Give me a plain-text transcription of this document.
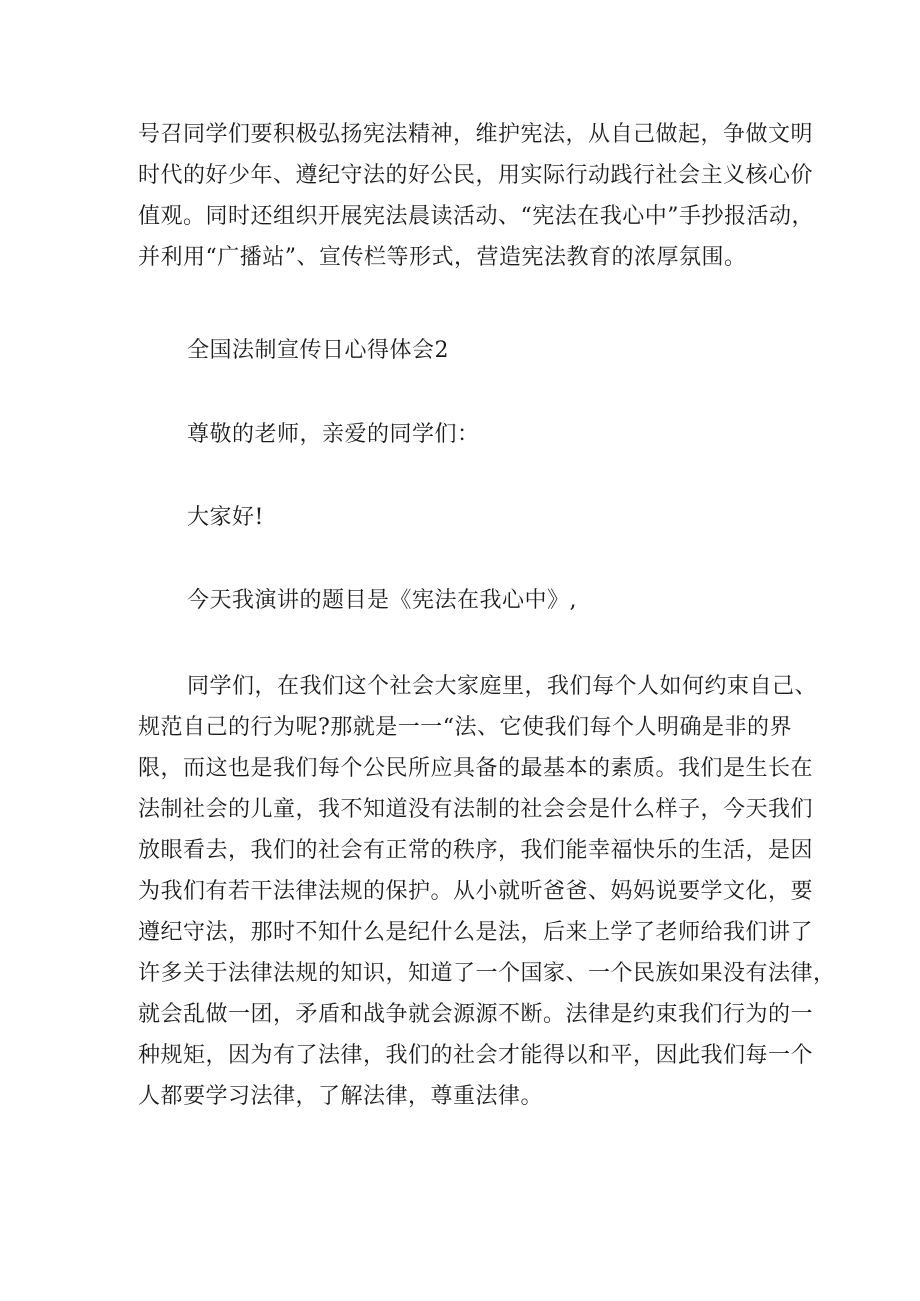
号召同学们要积极弘扬宪法精神，维护宪法，从自己做起，争做文明
时代的好少年、遵纪守法的好公民，用实际行动践行社会主义核心价
值观。同时还组织开展宪法晨读活动、“宪法在我心中”手抄报活动，
并利用“广播站”、宣传栏等形式，营造宪法教育的浓厚氛围。
全国法制宣传日心得体会2
尊敬的老师，亲爱的同学们：
大家好!
今天我演讲的题目是《宪法在我心中》,
同学们，在我们这个社会大家庭里，我们每个人如何约束自己、
规范自己的行为呢?那就是一一“法、它使我们每个人明确是非的界
限，而这也是我们每个公民所应具备的最基本的素质。我们是生长在
法制社会的儿童，我不知道没有法制的社会会是什么样子，今天我们
放眼看去，我们的社会有正常的秩序，我们能幸福快乐的生活，是因
为我们有若干法律法规的保护。从小就听爸爸、妈妈说要学文化，要
遵纪守法，那时不知什么是纪什么是法，后来上学了老师给我们讲了
许多关于法律法规的知识，知道了一个国家、一个民族如果没有法律，
就会乱做一团，矛盾和战争就会源源不断。法律是约束我们行为的一
种规矩，因为有了法律，我们的社会才能得以和平，因此我们每一个
人都要学习法律，了解法律，尊重法律。
